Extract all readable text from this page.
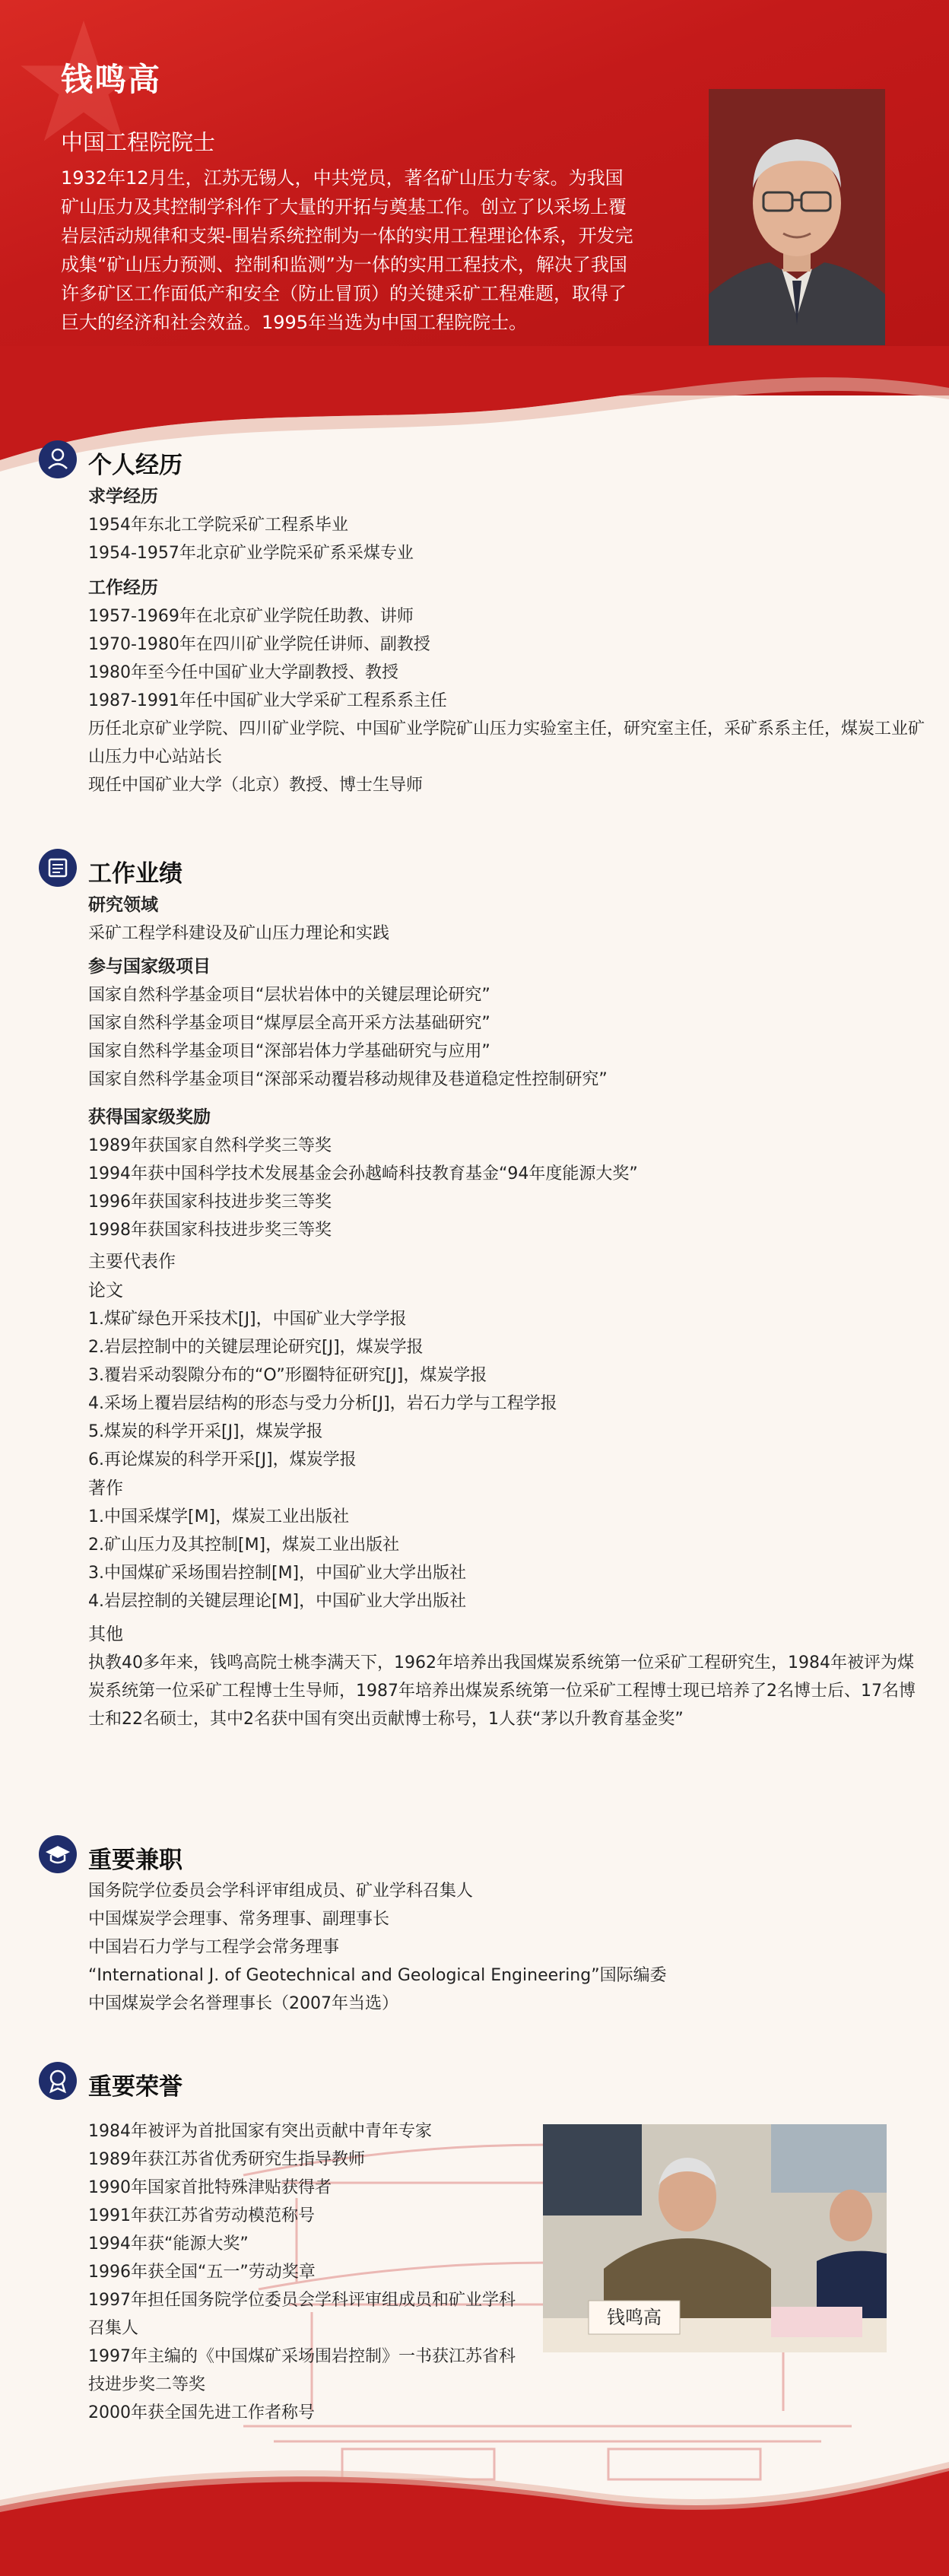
钱鸣高

中国工程院院士

1932年12月生，江苏无锡人，中共党员，著名矿山压力专家。为我国矿山压力及其控制学科作了大量的开拓与奠基工作。创立了以采场上覆岩层活动规律和支架-围岩系统控制为一体的实用工程理论体系，开发完成集“矿山压力预测、控制和监测”为一体的实用工程技术，解决了我国许多矿区工作面低产和安全（防止冒顶）的关键采矿工程难题，取得了巨大的经济和社会效益。1995年当选为中国工程院院士。

个人经历

求学经历

1954年东北工学院采矿工程系毕业

1954-1957年北京矿业学院采矿系采煤专业

工作经历

1957-1969年在北京矿业学院任助教、讲师

1970-1980年在四川矿业学院任讲师、副教授

1980年至今任中国矿业大学副教授、教授

1987-1991年任中国矿业大学采矿工程系系主任

历任北京矿业学院、四川矿业学院、中国矿业学院矿山压力实验室主任，研究室主任，采矿系系主任，煤炭工业矿山压力中心站站长

现任中国矿业大学（北京）教授、博士生导师

工作业绩

研究领域

采矿工程学科建设及矿山压力理论和实践

参与国家级项目

国家自然科学基金项目“层状岩体中的关键层理论研究”

国家自然科学基金项目“煤厚层全高开采方法基础研究”

国家自然科学基金项目“深部岩体力学基础研究与应用”

国家自然科学基金项目“深部采动覆岩移动规律及巷道稳定性控制研究”

获得国家级奖励

1989年获国家自然科学奖三等奖

1994年获中国科学技术发展基金会孙越崎科技教育基金“94年度能源大奖”

1996年获国家科技进步奖三等奖

1998年获国家科技进步奖三等奖

主要代表作

论文

1.煤矿绿色开采技术[J]，中国矿业大学学报

2.岩层控制中的关键层理论研究[J]，煤炭学报

3.覆岩采动裂隙分布的“O”形圈特征研究[J]，煤炭学报

4.采场上覆岩层结构的形态与受力分析[J]，岩石力学与工程学报

5.煤炭的科学开采[J]，煤炭学报

6.再论煤炭的科学开采[J]，煤炭学报

著作

1.中国采煤学[M]，煤炭工业出版社

2.矿山压力及其控制[M]，煤炭工业出版社

3.中国煤矿采场围岩控制[M]，中国矿业大学出版社

4.岩层控制的关键层理论[M]，中国矿业大学出版社

其他

执教40多年来，钱鸣高院士桃李满天下，1962年培养出我国煤炭系统第一位采矿工程研究生，1984年被评为煤炭系统第一位采矿工程博士生导师，1987年培养出煤炭系统第一位采矿工程博士现已培养了2名博士后、17名博士和22名硕士，其中2名获中国有突出贡献博士称号，1人获“茅以升教育基金奖”

重要兼职

国务院学位委员会学科评审组成员、矿业学科召集人

中国煤炭学会理事、常务理事、副理事长

中国岩石力学与工程学会常务理事

“International J. of Geotechnical and Geological Engineering”国际编委

中国煤炭学会名誉理事长（2007年当选）

重要荣誉

1984年被评为首批国家有突出贡献中青年专家

1989年获江苏省优秀研究生指导教师

1990年国家首批特殊津贴获得者

1991年获江苏省劳动模范称号

1994年获“能源大奖”

1996年获全国“五一”劳动奖章

1997年担任国务院学位委员会学科评审组成员和矿业学科召集人

1997年主编的《中国煤矿采场围岩控制》一书获江苏省科技进步奖二等奖

2000年获全国先进工作者称号

钱鸣高
